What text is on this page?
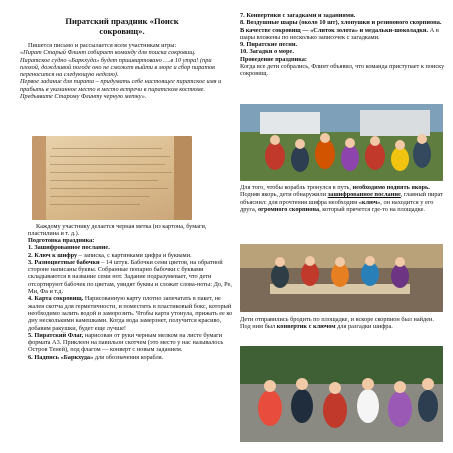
Пиратский праздник «Поиск сокровищ».

Пишется письмо и рассылается всем участникам игры:

«Пират Старый Флинт собирает команду для поиска сокровищ.

Пиратское судно «Баркхуда» будет пришвартовано ….в 10 утра! (при плохой, дождливой погоде оно не сможет выйти в море и сбор пиратов переносится на следующую неделю).

Первое задание для пирата – придумать себе настоящее пиратское имя и прибыть в указанное место в место встречи в пиратском костюме.

Предъявите Старому Флинту черную метку».

Каждому участнику делается черная метка (из картона, бумаги, пластилина и т. д.).

Подготовка праздника:

1. Зашифрованное послание.

2. Ключ к шифру – записка, с картинками цифра и буквами.

3. Разноцветные бабочки – 14 штук. Бабочки семи цветов, на обратной стороне написаны буквы. Собранные попарно бабочки с буквами складываются в название семи нот. Задание подразумевает, что дети отсортируют бабочек по цветам, увидят буквы и сложат слова-ноты: До, Ре, Ми, Фа и т.д.

4. Карта сокровищ. Нарисованную карту плотно запечатать в пакет, не жалея скотча для герметичности, и поместить в пластиковый бокс, который необходимо залить водой и заморозить. Чтобы карта утонула, прижать ее ко дну несколькими камешками. Когда вода замерзнет, получится красиво, добавим ракушки, будет еще лучше!

5. Пиратский Флаг, нарисован от руки черным мелком на листе бумаги формата А3. Приклеен на павильон скотчем (это место у нас называлось Остров Теней), под флагом — конверт с новым заданием.

6. Надпись «Баркхуда» для обозначения корабля.

7. Конвертики с загадками и заданиями.

8. Воздушные шары (около 10 шт), хлопушки и резинового скорпиона. В качестве сокровищ — «Слиток золота» и медальки-шоколадки. А в шары вложены по несколько записочек с загадками.

9. Пиратские песни.

10. Загадки о море.

Проведение праздника:

Когда все дети собрались, Флинт объявил, что команда приступает к поиску сокровищ.

Для того, чтобы корабль тронулся в путь, необходимо поднять якорь. Подняв якорь, дети обнаружили зашифрованное послание, главный пират объяснил: для прочтения шифра необходим «ключ», он находится у его друга, огромного скорпиона, который прячется где-то на площадке.

Дети отправились бродить по площадке, и вскоре скорпион был найден. Под ним был конвертик с ключом для разгадки шифра.
